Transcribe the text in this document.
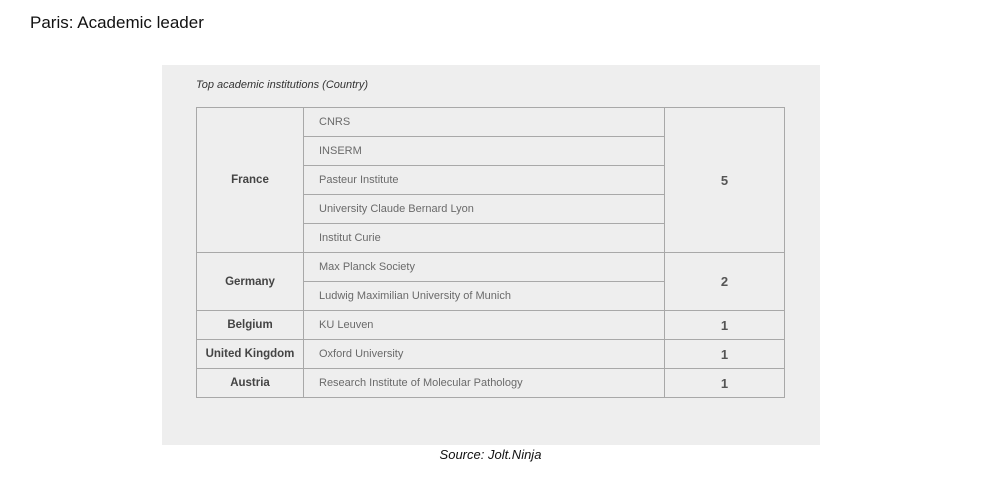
Paris: Academic leader
Top academic institutions (Country)
France	CNRS	5
	INSERM	
	Pasteur Institute	
	University Claude Bernard Lyon	
	Institut Curie	
Germany	Max Planck Society	2
	Ludwig Maximilian University of Munich	
Belgium	KU Leuven	1
United Kingdom	Oxford University	1
Austria	Research Institute of Molecular Pathology	1
Source: Jolt.Ninja
